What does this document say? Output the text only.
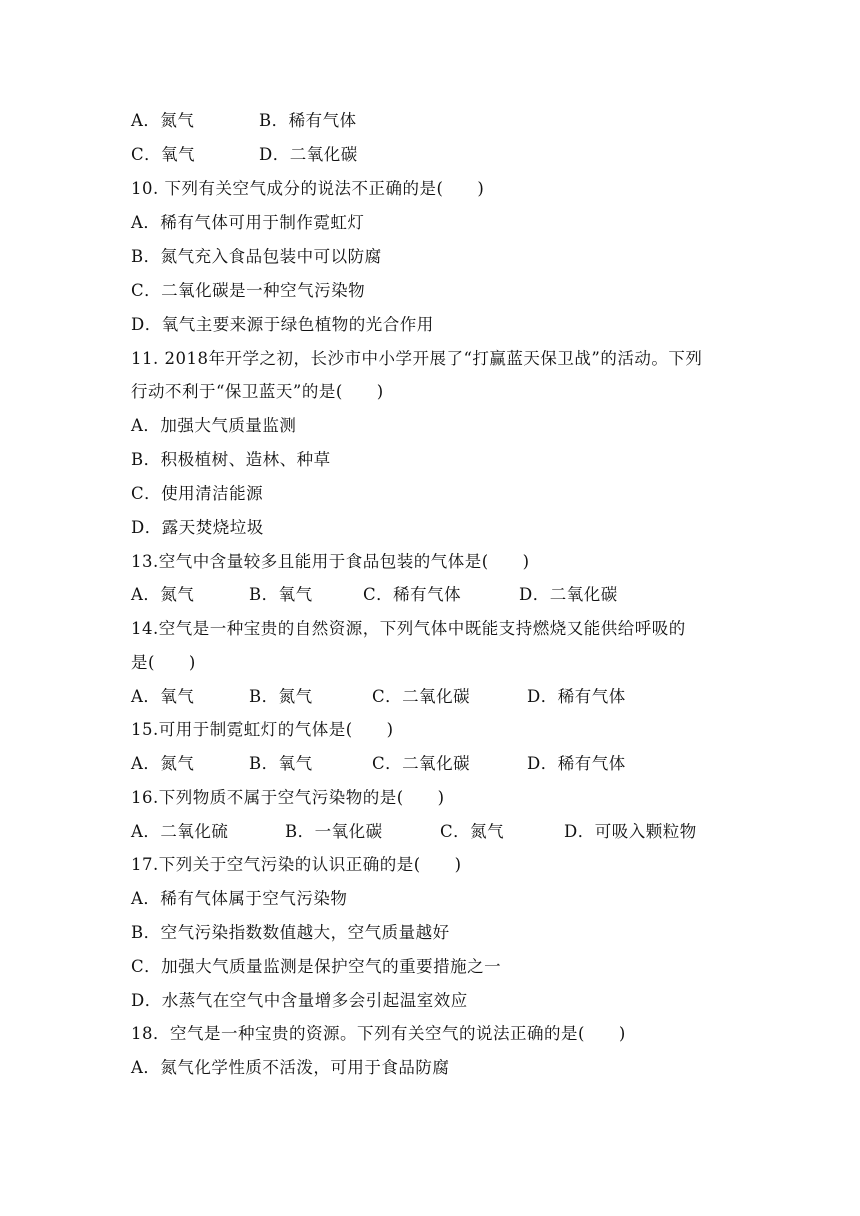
A．氮气	B．稀有气体
C．氧气	D．二氧化碳
10. 下列有关空气成分的说法不正确的是(　　)
A．稀有气体可用于制作霓虹灯
B．氮气充入食品包装中可以防腐
C．二氧化碳是一种空气污染物
D．氧气主要来源于绿色植物的光合作用
11. 2018年开学之初，长沙市中小学开展了“打赢蓝天保卫战”的活动。下列
行动不利于“保卫蓝天”的是(　　)
A．加强大气质量监测
B．积极植树、造林、种草
C．使用清洁能源
D．露天焚烧垃圾
13.空气中含量较多且能用于食品包装的气体是(　　)
A．氮气	B．氧气	C．稀有气体	D．二氧化碳
14.空气是一种宝贵的自然资源，下列气体中既能支持燃烧又能供给呼吸的
是(　　)
A．氧气	B．氮气	C．二氧化碳	D．稀有气体
15.可用于制霓虹灯的气体是(　　)
A．氮气	B．氧气	C．二氧化碳	D．稀有气体
16.下列物质不属于空气污染物的是(　　)
A．二氧化硫	B．一氧化碳	C．氮气	D．可吸入颗粒物
17.下列关于空气污染的认识正确的是(　　)
A．稀有气体属于空气污染物
B．空气污染指数数值越大，空气质量越好
C．加强大气质量监测是保护空气的重要措施之一
D．水蒸气在空气中含量增多会引起温室效应
18．空气是一种宝贵的资源。下列有关空气的说法正确的是(　　)
A．氮气化学性质不活泼，可用于食品防腐
